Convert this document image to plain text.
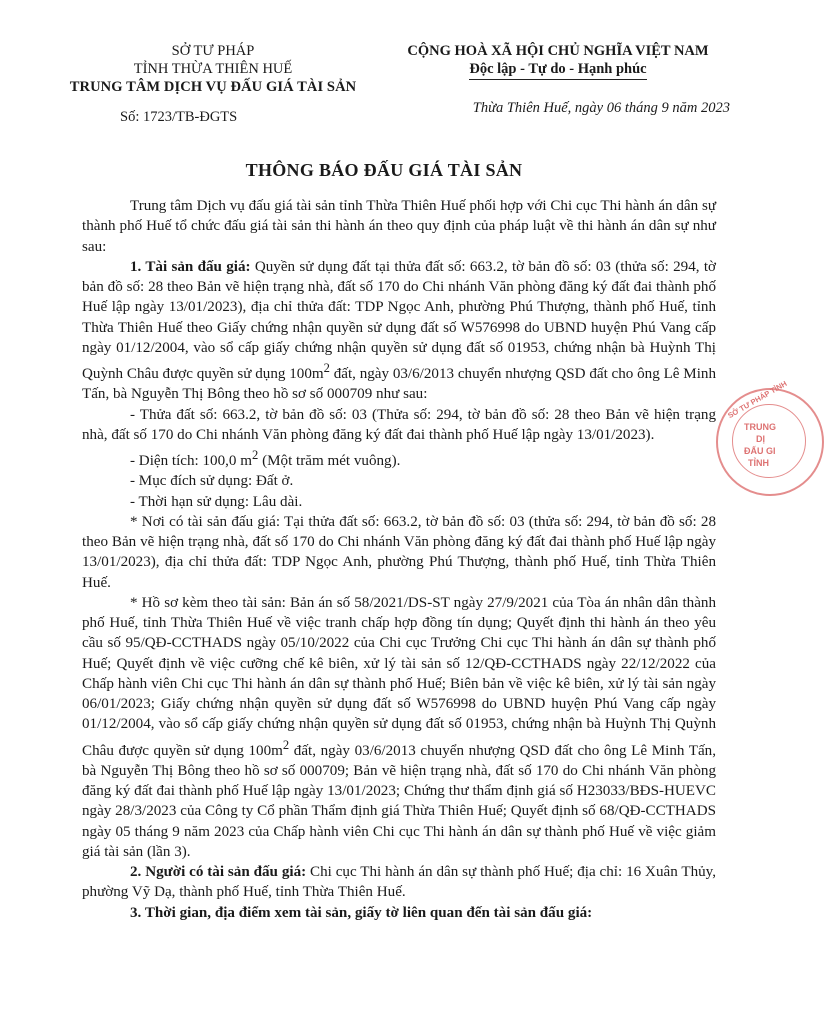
SỞ TƯ PHÁP
TỈNH THỪA THIÊN HUẾ
TRUNG TÂM DỊCH VỤ ĐẤU GIÁ TÀI SẢN
Số: 1723/TB-ĐGTS
CỘNG HOÀ XÃ HỘI CHỦ NGHĨA VIỆT NAM
Độc lập - Tự do - Hạnh phúc
Thừa Thiên Huế, ngày 06 tháng 9 năm 2023
THÔNG BÁO ĐẤU GIÁ TÀI SẢN

Trung tâm Dịch vụ đấu giá tài sản tỉnh Thừa Thiên Huế phối hợp với Chi cục Thi hành án dân sự thành phố Huế tổ chức đấu giá tài sản thi hành án theo quy định của pháp luật về thi hành án dân sự như sau:

1. Tài sản đấu giá: Quyền sử dụng đất tại thửa đất số: 663.2, tờ bản đồ số: 03 (thửa số: 294, tờ bản đồ số: 28 theo Bản vẽ hiện trạng nhà, đất số 170 do Chi nhánh Văn phòng đăng ký đất đai thành phố Huế lập ngày 13/01/2023), địa chỉ thửa đất: TDP Ngọc Anh, phường Phú Thượng, thành phố Huế, tỉnh Thừa Thiên Huế theo Giấy chứng nhận quyền sử dụng đất số W576998 do UBND huyện Phú Vang cấp ngày 01/12/2004, vào sổ cấp giấy chứng nhận quyền sử dụng đất số 01953, chứng nhận bà Huỳnh Thị Quỳnh Châu được quyền sử dụng $100m^2$ đất, ngày 03/6/2013 chuyển nhượng QSD đất cho ông Lê Minh Tấn, bà Nguyễn Thị Bông theo hồ sơ số 000709 như sau:

- Thửa đất số: 663.2, tờ bản đồ số: 03 (Thửa số: 294, tờ bản đồ số: 28 theo Bản vẽ hiện trạng nhà, đất số 170 do Chi nhánh Văn phòng đăng ký đất đai thành phố Huế lập ngày 13/01/2023).

- Diện tích: 100,0 $m^2$ (Một trăm mét vuông).

- Mục đích sử dụng: Đất ở.

- Thời hạn sử dụng: Lâu dài.

* Nơi có tài sản đấu giá: Tại thửa đất số: 663.2, tờ bản đồ số: 03 (thửa số: 294, tờ bản đồ số: 28 theo Bản vẽ hiện trạng nhà, đất số 170 do Chi nhánh Văn phòng đăng ký đất đai thành phố Huế lập ngày 13/01/2023), địa chỉ thửa đất: TDP Ngọc Anh, phường Phú Thượng, thành phố Huế, tỉnh Thừa Thiên Huế.

* Hồ sơ kèm theo tài sản: Bản án số 58/2021/DS-ST ngày 27/9/2021 của Tòa án nhân dân thành phố Huế, tỉnh Thừa Thiên Huế về việc tranh chấp hợp đồng tín dụng; Quyết định thi hành án theo yêu cầu số 95/QĐ-CCTHADS ngày 05/10/2022 của Chi cục Trưởng Chi cục Thi hành án dân sự thành phố Huế; Quyết định về việc cưỡng chế kê biên, xử lý tài sản số 12/QĐ-CCTHADS ngày 22/12/2022 của Chấp hành viên Chi cục Thi hành án dân sự thành phố Huế; Biên bản về việc kê biên, xử lý tài sản ngày 06/01/2023; Giấy chứng nhận quyền sử dụng đất số W576998 do UBND huyện Phú Vang cấp ngày 01/12/2004, vào sổ cấp giấy chứng nhận quyền sử dụng đất số 01953, chứng nhận bà Huỳnh Thị Quỳnh Châu được quyền sử dụng $100m^2$ đất, ngày 03/6/2013 chuyển nhượng QSD đất cho ông Lê Minh Tấn, bà Nguyễn Thị Bông theo hồ sơ số 000709; Bản vẽ hiện trạng nhà, đất số 170 do Chi nhánh Văn phòng đăng ký đất đai thành phố Huế lập ngày 13/01/2023; Chứng thư thẩm định giá số H23033/BĐS-HUEVC ngày 28/3/2023 của Công ty Cổ phần Thẩm định giá Thừa Thiên Huế; Quyết định số 68/QĐ-CCTHADS ngày 05 tháng 9 năm 2023 của Chấp hành viên Chi cục Thi hành án dân sự thành phố Huế về việc giảm giá tài sản (lần 3).

2. Người có tài sản đấu giá: Chi cục Thi hành án dân sự thành phố Huế; địa chỉ: 16 Xuân Thủy, phường Vỹ Dạ, thành phố Huế, tỉnh Thừa Thiên Huế.

3. Thời gian, địa điểm xem tài sản, giấy tờ liên quan đến tài sản đấu giá:

SỞ TƯ PHÁP TỈNH
TRUNG
DỊ
ĐẤU GI
TỈNH
